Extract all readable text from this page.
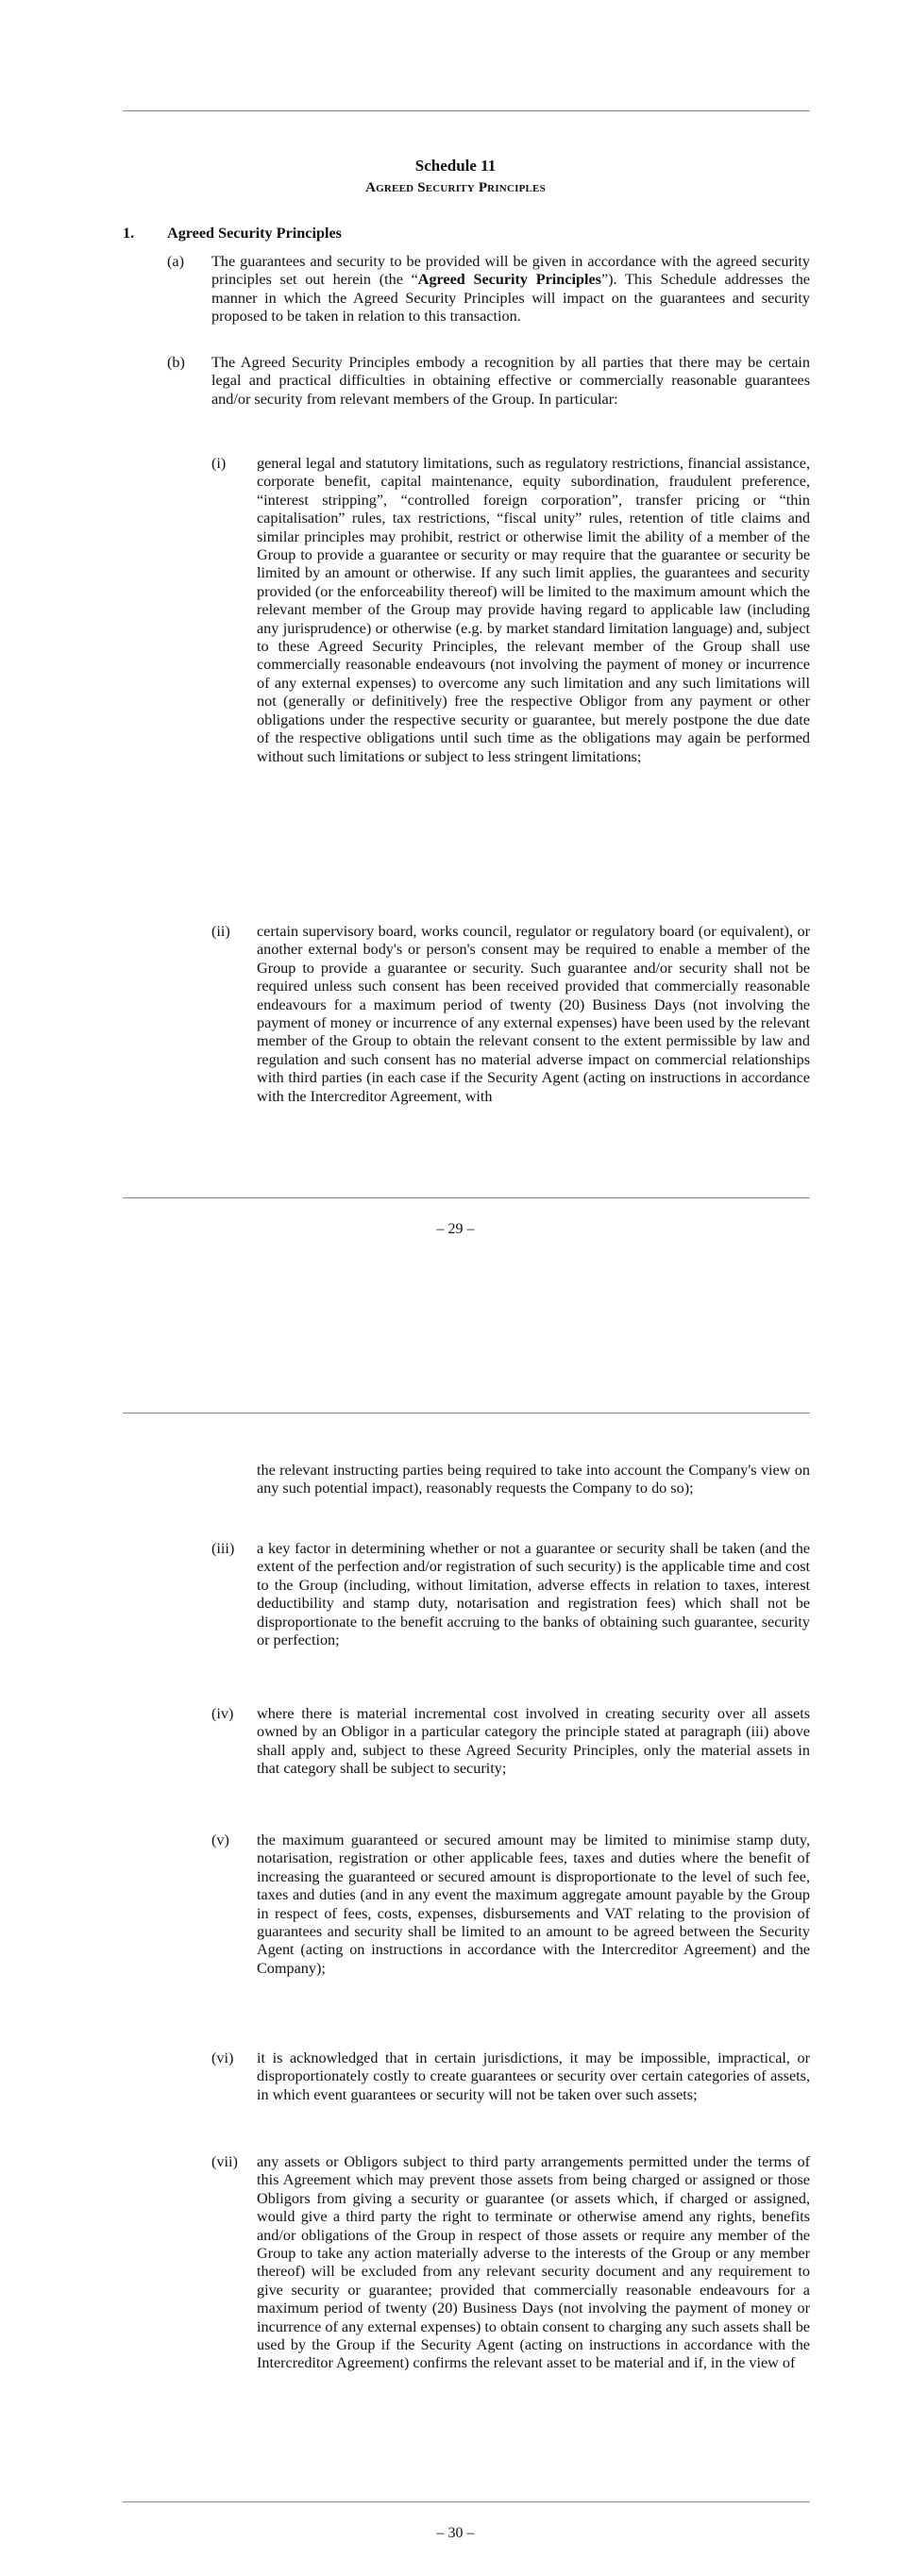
Schedule 11
Agreed Security Principles
1. Agreed Security Principles
(a) The guarantees and security to be provided will be given in accordance with the agreed security principles set out herein (the “Agreed Security Principles”). This Schedule addresses the manner in which the Agreed Security Principles will impact on the guarantees and security proposed to be taken in relation to this transaction.
(b) The Agreed Security Principles embody a recognition by all parties that there may be certain legal and practical difficulties in obtaining effective or commercially reasonable guarantees and/or security from relevant members of the Group. In particular:
(i) general legal and statutory limitations, such as regulatory restrictions, financial assistance, corporate benefit, capital maintenance, equity subordination, fraudulent preference, “interest stripping”, “controlled foreign corporation”, transfer pricing or “thin capitalisation” rules, tax restrictions, “fiscal unity” rules, retention of title claims and similar principles may prohibit, restrict or otherwise limit the ability of a member of the Group to provide a guarantee or security or may require that the guarantee or security be limited by an amount or otherwise. If any such limit applies, the guarantees and security provided (or the enforceability thereof) will be limited to the maximum amount which the relevant member of the Group may provide having regard to applicable law (including any jurisprudence) or otherwise (e.g. by market standard limitation language) and, subject to these Agreed Security Principles, the relevant member of the Group shall use commercially reasonable endeavours (not involving the payment of money or incurrence of any external expenses) to overcome any such limitation and any such limitations will not (generally or definitively) free the respective Obligor from any payment or other obligations under the respective security or guarantee, but merely postpone the due date of the respective obligations until such time as the obligations may again be performed without such limitations or subject to less stringent limitations;
(ii) certain supervisory board, works council, regulator or regulatory board (or equivalent), or another external body's or person's consent may be required to enable a member of the Group to provide a guarantee or security. Such guarantee and/or security shall not be required unless such consent has been received provided that commercially reasonable endeavours for a maximum period of twenty (20) Business Days (not involving the payment of money or incurrence of any external expenses) have been used by the relevant member of the Group to obtain the relevant consent to the extent permissible by law and regulation and such consent has no material adverse impact on commercial relationships with third parties (in each case if the Security Agent (acting on instructions in accordance with the Intercreditor Agreement, with
– 29 –
the relevant instructing parties being required to take into account the Company's view on any such potential impact), reasonably requests the Company to do so);
(iii) a key factor in determining whether or not a guarantee or security shall be taken (and the extent of the perfection and/or registration of such security) is the applicable time and cost to the Group (including, without limitation, adverse effects in relation to taxes, interest deductibility and stamp duty, notarisation and registration fees) which shall not be disproportionate to the benefit accruing to the banks of obtaining such guarantee, security or perfection;
(iv) where there is material incremental cost involved in creating security over all assets owned by an Obligor in a particular category the principle stated at paragraph (iii) above shall apply and, subject to these Agreed Security Principles, only the material assets in that category shall be subject to security;
(v) the maximum guaranteed or secured amount may be limited to minimise stamp duty, notarisation, registration or other applicable fees, taxes and duties where the benefit of increasing the guaranteed or secured amount is disproportionate to the level of such fee, taxes and duties (and in any event the maximum aggregate amount payable by the Group in respect of fees, costs, expenses, disbursements and VAT relating to the provision of guarantees and security shall be limited to an amount to be agreed between the Security Agent (acting on instructions in accordance with the Intercreditor Agreement) and the Company);
(vi) it is acknowledged that in certain jurisdictions, it may be impossible, impractical, or disproportionately costly to create guarantees or security over certain categories of assets, in which event guarantees or security will not be taken over such assets;
(vii) any assets or Obligors subject to third party arrangements permitted under the terms of this Agreement which may prevent those assets from being charged or assigned or those Obligors from giving a security or guarantee (or assets which, if charged or assigned, would give a third party the right to terminate or otherwise amend any rights, benefits and/or obligations of the Group in respect of those assets or require any member of the Group to take any action materially adverse to the interests of the Group or any member thereof) will be excluded from any relevant security document and any requirement to give security or guarantee; provided that commercially reasonable endeavours for a maximum period of twenty (20) Business Days (not involving the payment of money or incurrence of any external expenses) to obtain consent to charging any such assets shall be used by the Group if the Security Agent (acting on instructions in accordance with the Intercreditor Agreement) confirms the relevant asset to be material and if, in the view of
– 30 –
